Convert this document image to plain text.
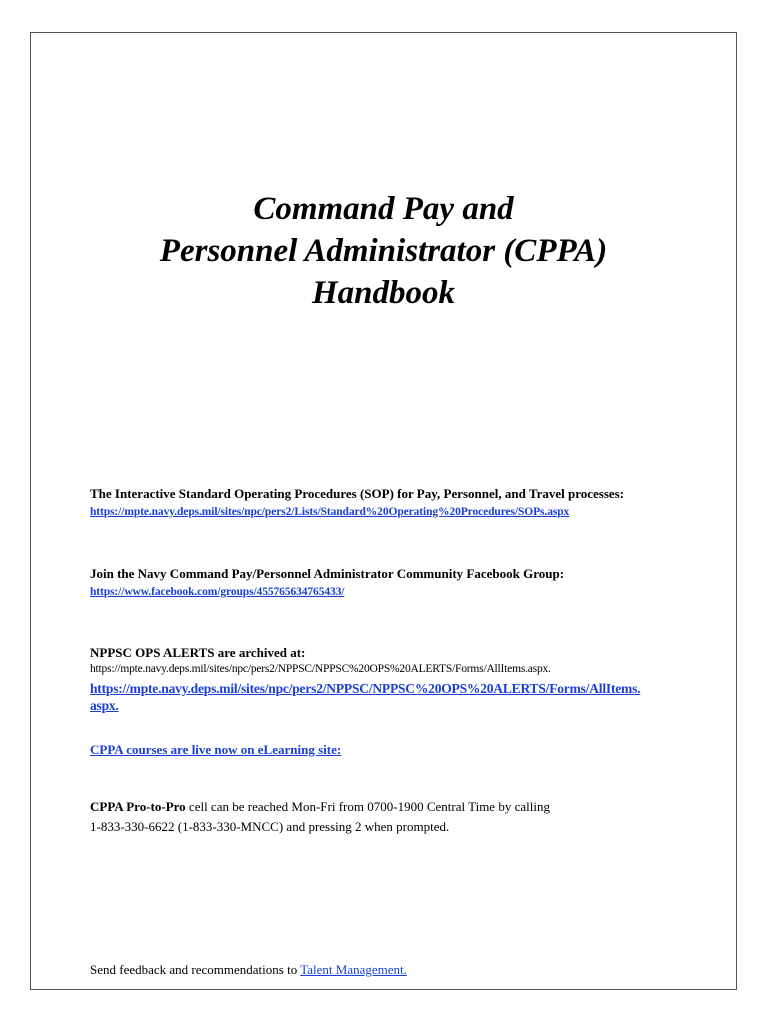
Command Pay and
Personnel Administrator (CPPA)
Handbook
The Interactive Standard Operating Procedures (SOP) for Pay, Personnel, and Travel processes:
https://mpte.navy.deps.mil/sites/npc/pers2/Lists/Standard%20Operating%20Procedures/SOPs.aspx
Join the Navy Command Pay/Personnel Administrator Community Facebook Group:
https://www.facebook.com/groups/455765634765433/
NPPSC OPS ALERTS are archived at:
https://mpte.navy.deps.mil/sites/npc/pers2/NPPSC/NPPSC%20OPS%20ALERTS/Forms/AllItems.aspx.
https://mpte.navy.deps.mil/sites/npc/pers2/NPPSC/NPPSC%20OPS%20ALERTS/Forms/AllItems.
aspx.
CPPA courses are live now on eLearning site:
CPPA Pro-to-Pro cell can be reached Mon-Fri from 0700-1900 Central Time by calling
1-833-330-6622 (1-833-330-MNCC) and pressing 2 when prompted.
Send feedback and recommendations to Talent Management.
